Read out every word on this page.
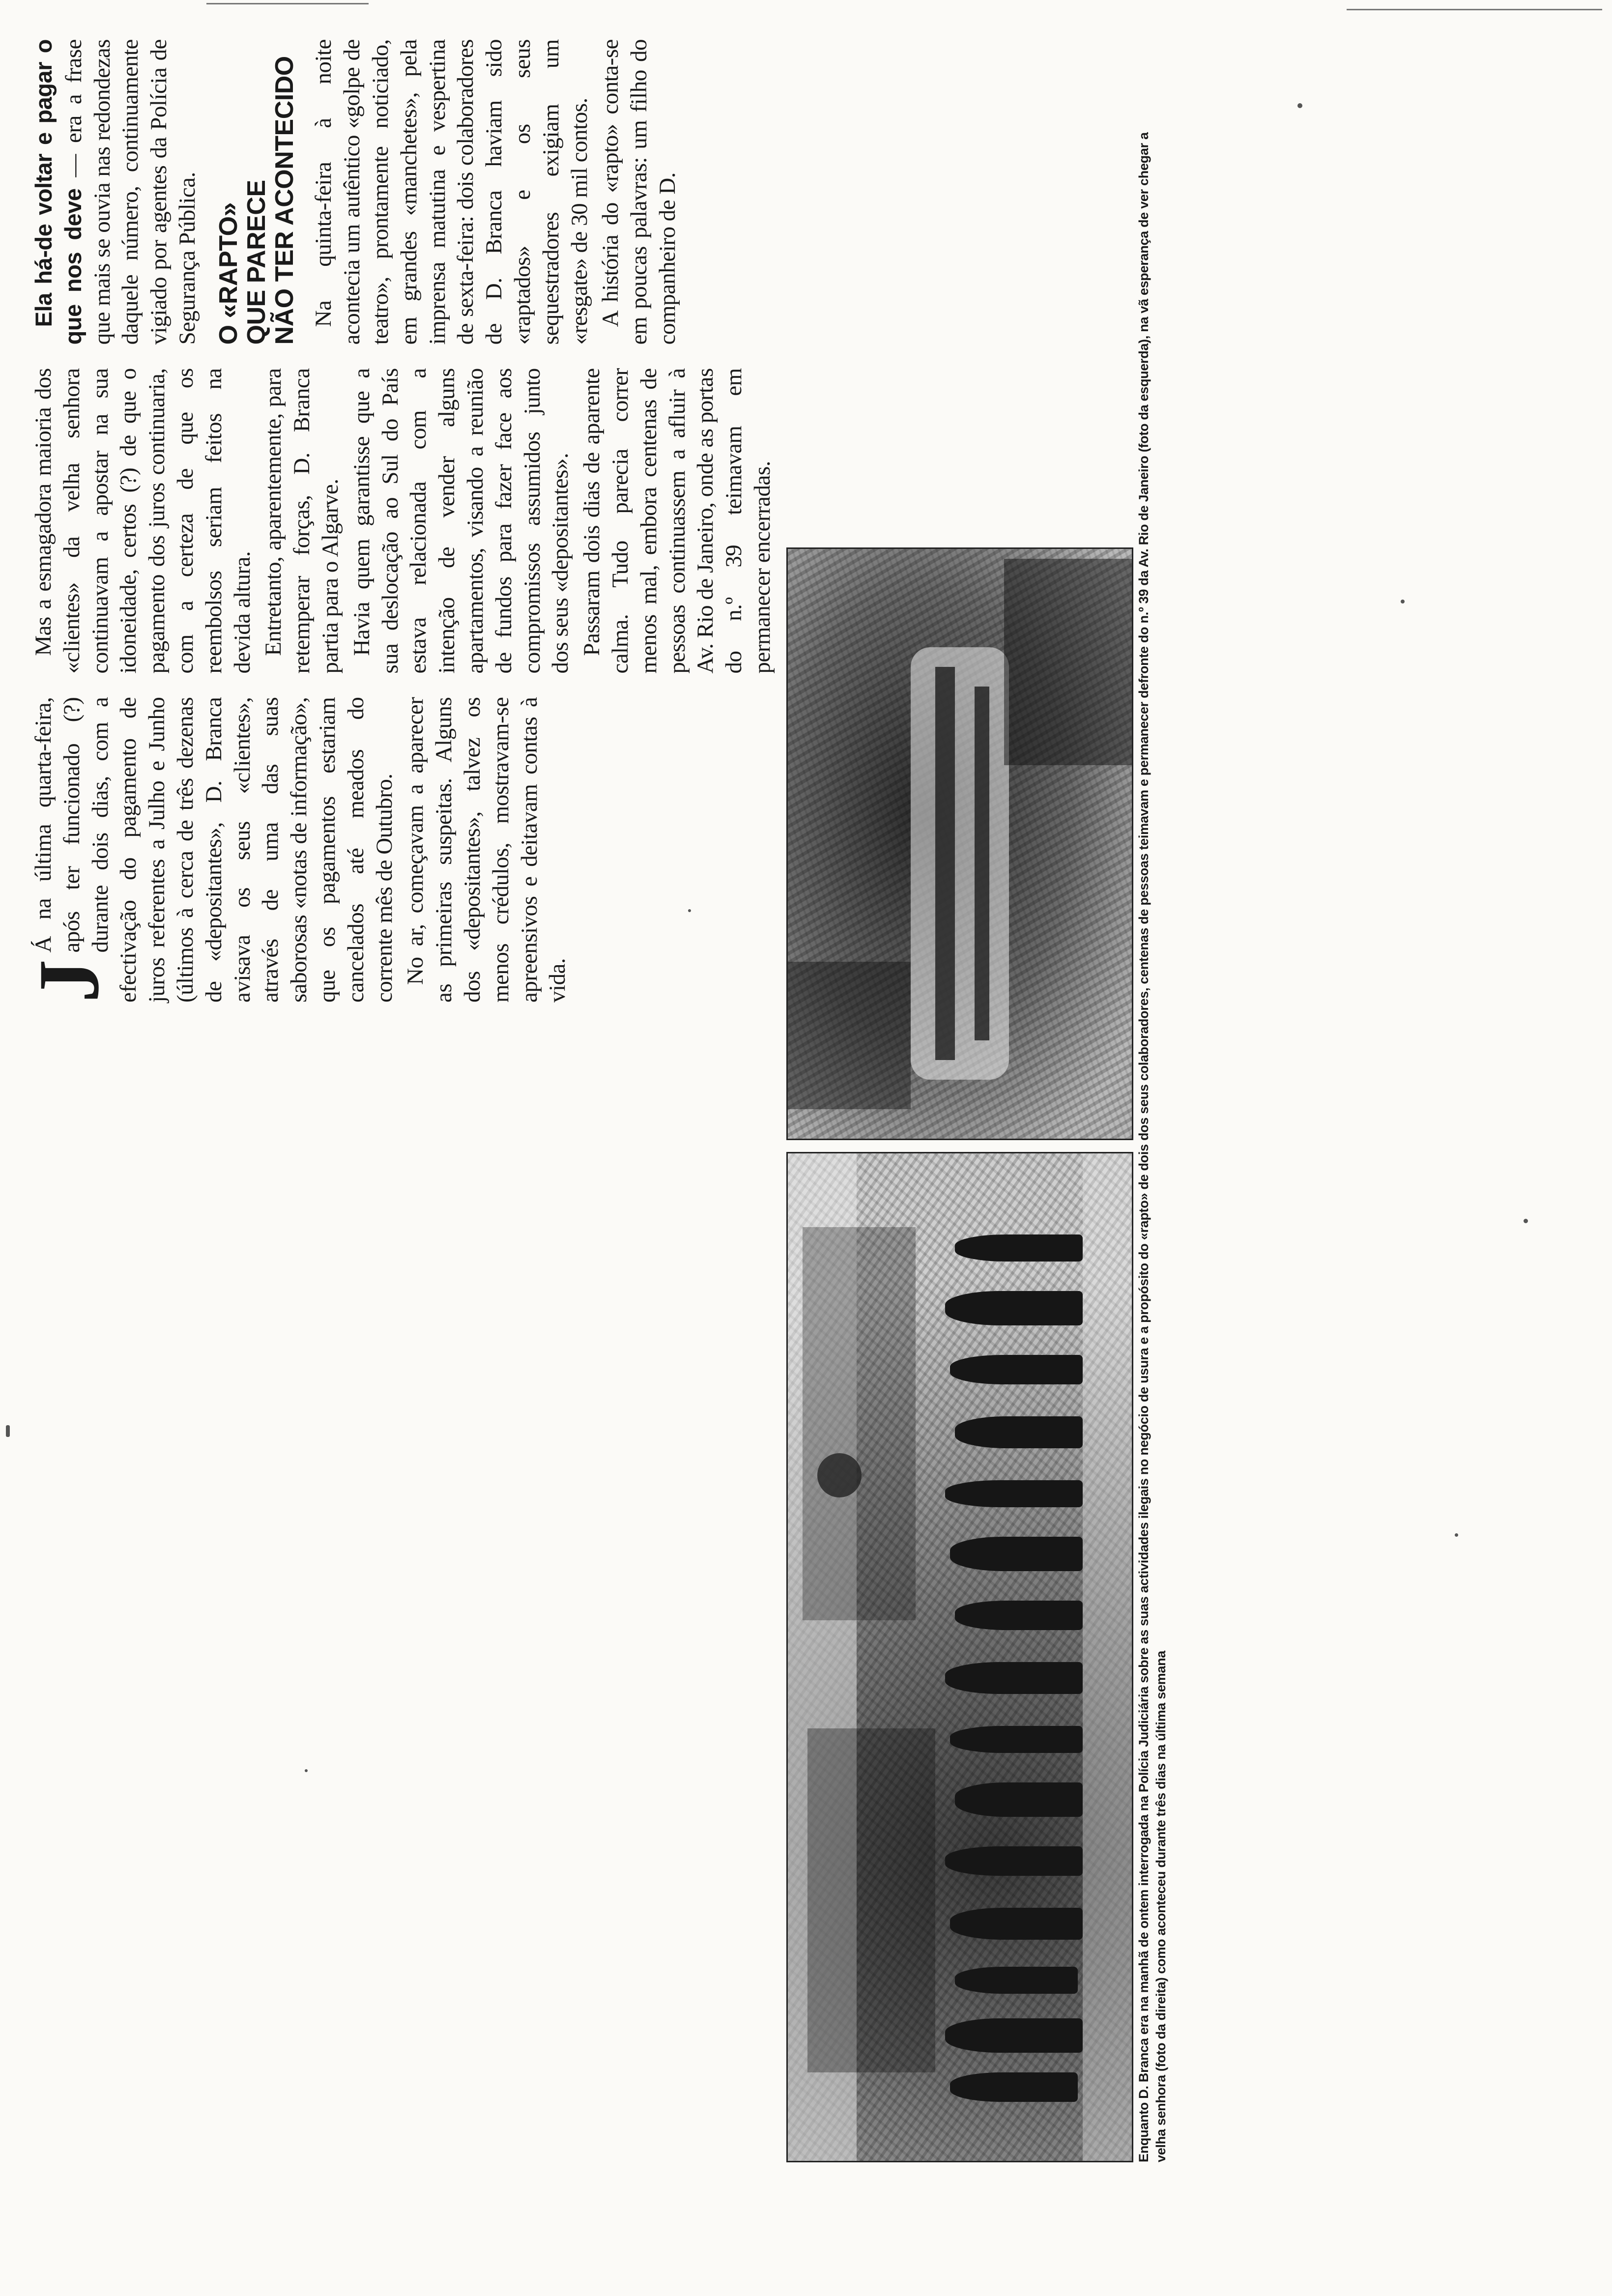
J
Á na última quarta-feira, após ter funcionado (?) durante dois dias, com a efectivação do pagamento de juros referentes a Julho e Junho (últimos à cerca de três dezenas de «depositantes», D. Branca avisava os seus «clientes», através de uma das suas saborosas «notas de informação», que os pagamentos estariam cancelados até meados do corrente mês de Outubro. No ar, começavam a aparecer as primeiras suspeitas. Alguns dos «depositantes», talvez os menos crédulos, mostravam-se apreensivos e deitavam contas à vida.

Mas a esmagadora maioria dos «clientes» da velha senhora continuavam a apostar na sua idoneidade, certos (?) de que o pagamento dos juros continuaria, com a certeza de que os reembolsos seriam feitos na devida altura. Entretanto, aparentemente, para retemperar forças, D. Branca partia para o Algarve. Havia quem garantisse que a sua deslocação ao Sul do País estava relacionada com a intenção de vender alguns apartamentos, visando a reunião de fundos para fazer face aos compromissos assumidos junto dos seus «depositantes». Passaram dois dias de aparente calma. Tudo parecia correr menos mal, embora centenas de pessoas continuassem a afluir à Av. Rio de Janeiro, onde as portas do n.º 39 teimavam em permanecer encerradas.

Ela há-de voltar e pagar o que nos deve — era a frase que mais se ouvia nas redondezas daquele número, continuamente vigiado por agentes da Polícia de Segurança Pública. O «RAPTO» QUE PARECE NÃO TER ACONTECIDO Na quinta-feira à noite acontecia um autêntico «golpe de teatro», prontamente noticiado, em grandes «manchetes», pela imprensa matutina e vespertina de sexta-feira: dois colaboradores de D. Branca haviam sido «raptados» e os seus sequestradores exigiam um «resgate» de 30 mil contos. A história do «rapto» conta-se em poucas palavras: um filho do companheiro de D.	Enquanto D. Branca era na manhã de ontem interrogada na Polícia Judiciária sobre as suas actividades ilegais no negócio de usura e a propósito do «rapto» de dois dos seus colaboradores, centenas de pessoas teimavam e permanecer defronte do n.º 39 da Av. Rio de Janeiro (foto da esquerda), na vã esperança de ver chegar a velha senhora (foto da direita) como aconteceu durante três dias na última semana
